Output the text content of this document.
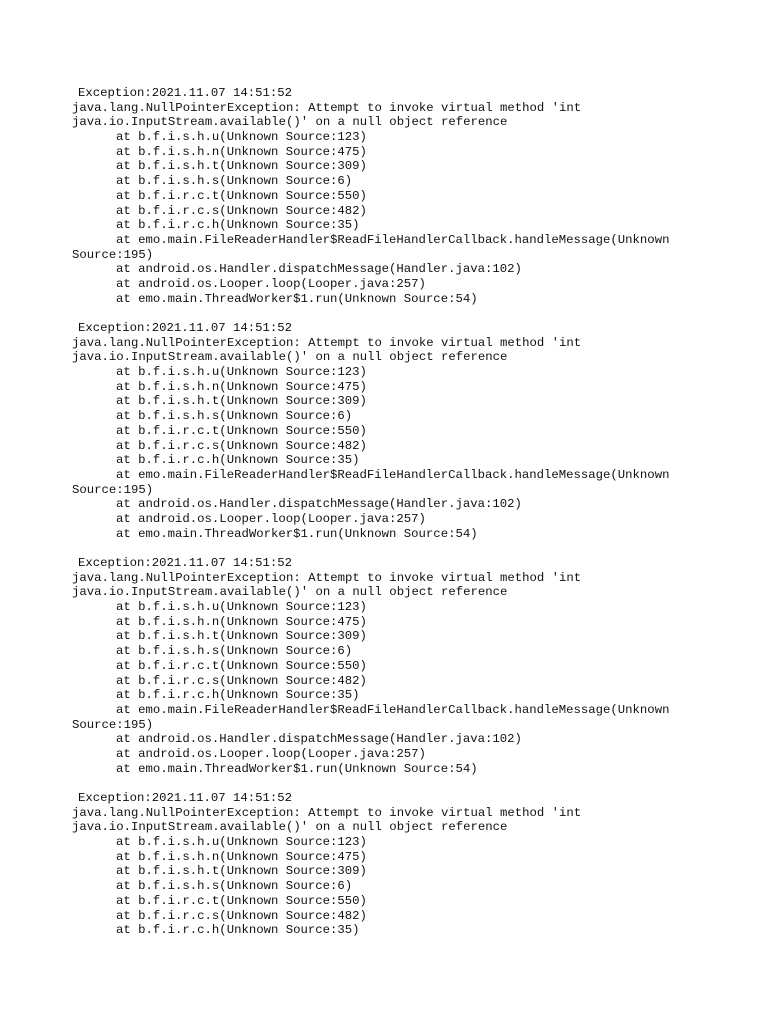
Exception:2021.11.07 14:51:52
java.lang.NullPointerException: Attempt to invoke virtual method 'int
java.io.InputStream.available()' on a null object reference
at b.f.i.s.h.u(Unknown Source:123)
at b.f.i.s.h.n(Unknown Source:475)
at b.f.i.s.h.t(Unknown Source:309)
at b.f.i.s.h.s(Unknown Source:6)
at b.f.i.r.c.t(Unknown Source:550)
at b.f.i.r.c.s(Unknown Source:482)
at b.f.i.r.c.h(Unknown Source:35)
at emo.main.FileReaderHandler$ReadFileHandlerCallback.handleMessage(Unknown
Source:195)
at android.os.Handler.dispatchMessage(Handler.java:102)
at android.os.Looper.loop(Looper.java:257)
at emo.main.ThreadWorker$1.run(Unknown Source:54)
Exception:2021.11.07 14:51:52
java.lang.NullPointerException: Attempt to invoke virtual method 'int
java.io.InputStream.available()' on a null object reference
at b.f.i.s.h.u(Unknown Source:123)
at b.f.i.s.h.n(Unknown Source:475)
at b.f.i.s.h.t(Unknown Source:309)
at b.f.i.s.h.s(Unknown Source:6)
at b.f.i.r.c.t(Unknown Source:550)
at b.f.i.r.c.s(Unknown Source:482)
at b.f.i.r.c.h(Unknown Source:35)
at emo.main.FileReaderHandler$ReadFileHandlerCallback.handleMessage(Unknown
Source:195)
at android.os.Handler.dispatchMessage(Handler.java:102)
at android.os.Looper.loop(Looper.java:257)
at emo.main.ThreadWorker$1.run(Unknown Source:54)
Exception:2021.11.07 14:51:52
java.lang.NullPointerException: Attempt to invoke virtual method 'int
java.io.InputStream.available()' on a null object reference
at b.f.i.s.h.u(Unknown Source:123)
at b.f.i.s.h.n(Unknown Source:475)
at b.f.i.s.h.t(Unknown Source:309)
at b.f.i.s.h.s(Unknown Source:6)
at b.f.i.r.c.t(Unknown Source:550)
at b.f.i.r.c.s(Unknown Source:482)
at b.f.i.r.c.h(Unknown Source:35)
at emo.main.FileReaderHandler$ReadFileHandlerCallback.handleMessage(Unknown
Source:195)
at android.os.Handler.dispatchMessage(Handler.java:102)
at android.os.Looper.loop(Looper.java:257)
at emo.main.ThreadWorker$1.run(Unknown Source:54)
Exception:2021.11.07 14:51:52
java.lang.NullPointerException: Attempt to invoke virtual method 'int
java.io.InputStream.available()' on a null object reference
at b.f.i.s.h.u(Unknown Source:123)
at b.f.i.s.h.n(Unknown Source:475)
at b.f.i.s.h.t(Unknown Source:309)
at b.f.i.s.h.s(Unknown Source:6)
at b.f.i.r.c.t(Unknown Source:550)
at b.f.i.r.c.s(Unknown Source:482)
at b.f.i.r.c.h(Unknown Source:35)
